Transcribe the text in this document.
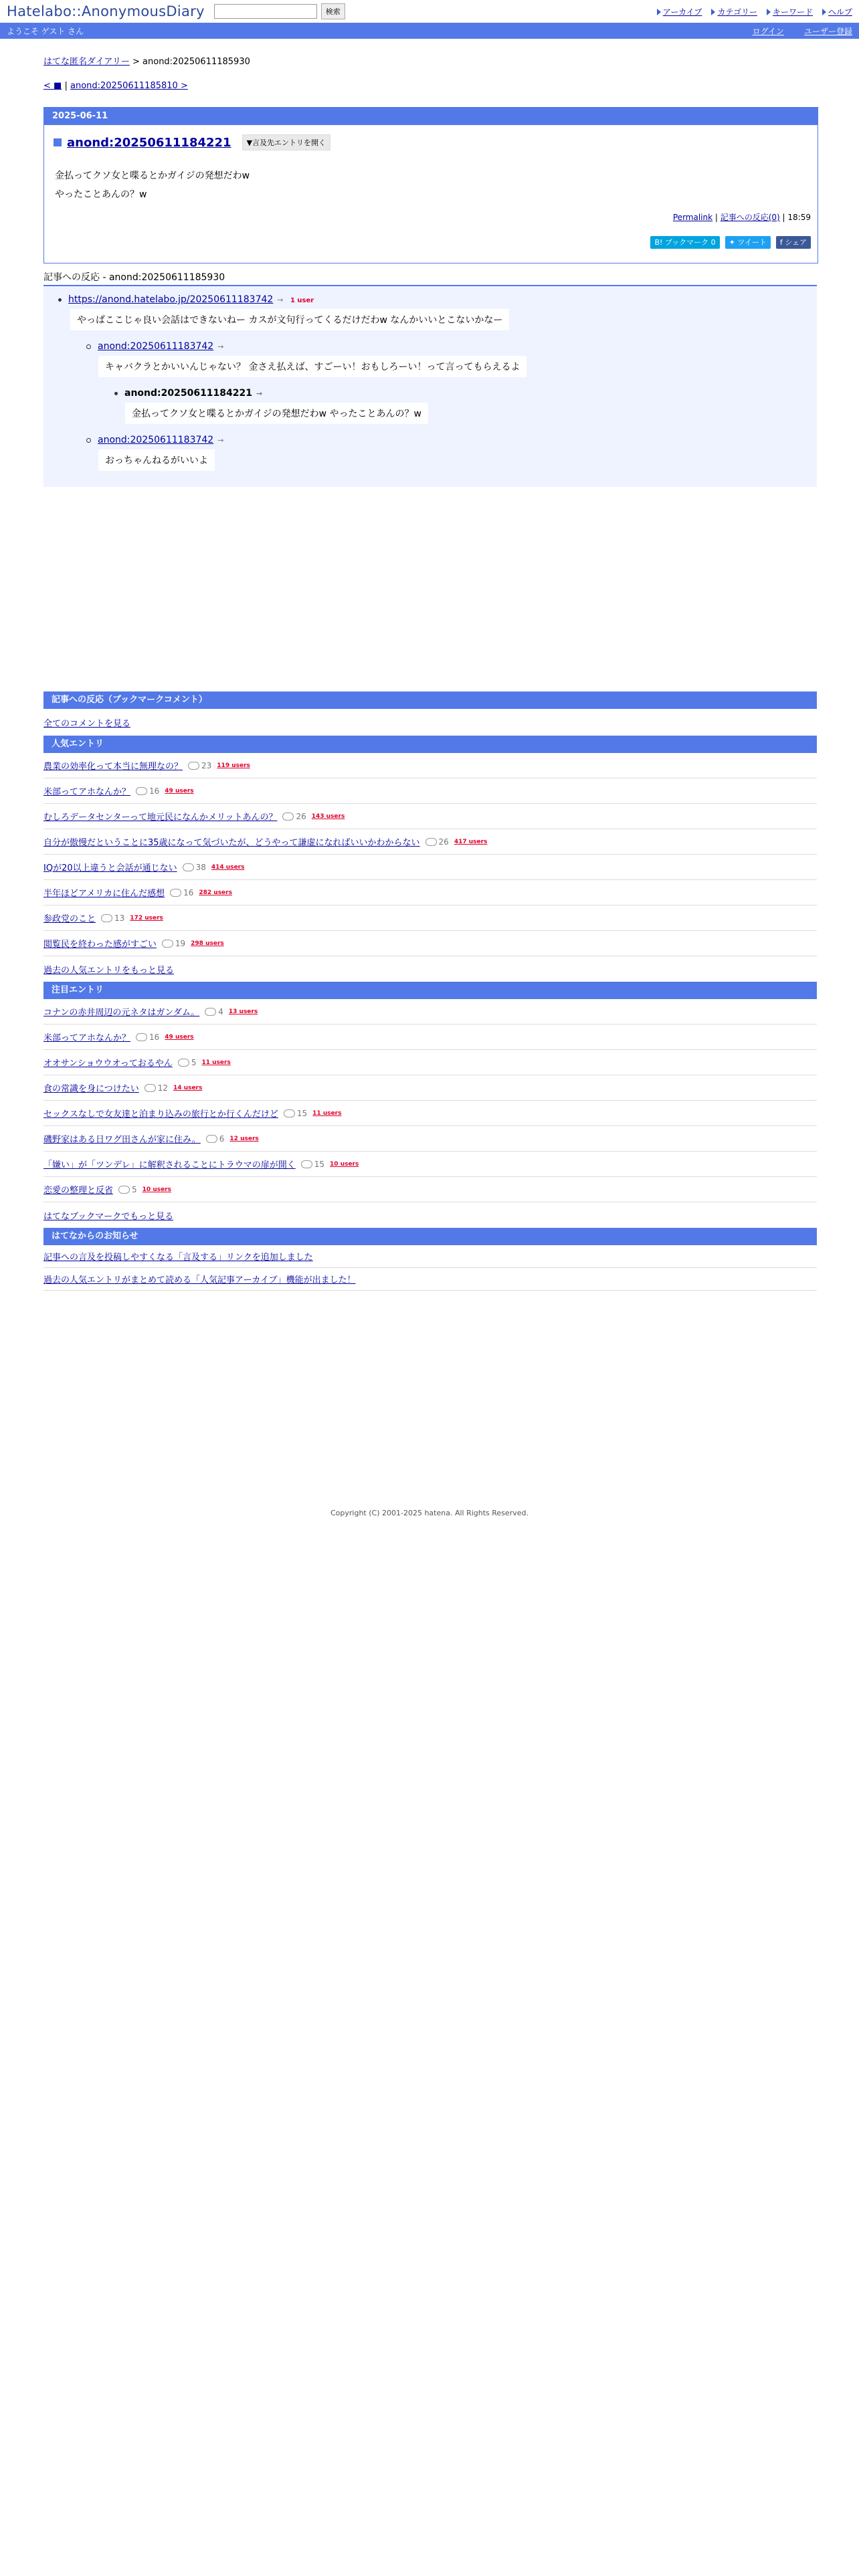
Hatelabo::AnonymousDiary	検索	アーカイブ	カテゴリー	キーワード	ヘルプ
ようこそ ゲスト さん	ログイン	ユーザー登録
はてな匿名ダイアリー > anond:20250611185930
< ■ | anond:20250611185810 >
2025-06-11
anond:20250611184221	▼言及先エントリを開く
金払ってクソ女と喋るとかガイジの発想だわw
やったことあんの？w
Permalink | 記事への反応(0) | 18:59
B! ブックマーク 0	✦ ツイート	f シェア
記事への反応 - anond:20250611185930
https://anond.hatelabo.jp/20250611183742 → 1 user
やっぱここじゃ良い会話はできないねー カスが文句行ってくるだけだわw なんかいいとこないかなー
anond:20250611183742 →
キャバクラとかいいんじゃない？ 金さえ払えば、すごーい！おもしろーい！って言ってもらえるよ
anond:20250611184221 →
金払ってクソ女と喋るとかガイジの発想だわw やったことあんの？w
anond:20250611183742 →
おっちゃんねるがいいよ
記事への反応（ブックマークコメント）
全てのコメントを見る
人気エントリ
農業の効率化って本当に無理なの？ 23 119 users
米部ってアホなんか？ 16 49 users
むしろデータセンターって地元民になんかメリットあんの？ 26 143 users
自分が傲慢だということに35歳になって気づいたが、どうやって謙虚になればいいかわからない 26 417 users
IQが20以上違うと会話が通じない 38 414 users
半年ほどアメリカに住んだ感想 16 282 users
参政党のこと 13 172 users
閲覧民を終わった感がすごい 19 298 users
過去の人気エントリをもっと見る
注目エントリ
コナンの赤井周辺の元ネタはガンダム。 4 13 users
米部ってアホなんか？ 16 49 users
オオサンショウウオっておるやん 5 11 users
食の常識を身につけたい 12 14 users
セックスなしで女友達と泊まり込みの旅行とか行くんだけど 15 11 users
磯野家はある日ワグ田さんが家に住み。 6 12 users
「嫌い」が「ツンデレ」に解釈されることにトラウマの扉が開く 15 10 users
恋愛の整理と反省 5 10 users
はてなブックマークでもっと見る
はてなからのお知らせ
記事への言及を投稿しやすくなる「言及する」リンクを追加しました
過去の人気エントリがまとめて読める「人気記事アーカイブ」機能が出ました！
Copyright (C) 2001-2025 hatena. All Rights Reserved.
